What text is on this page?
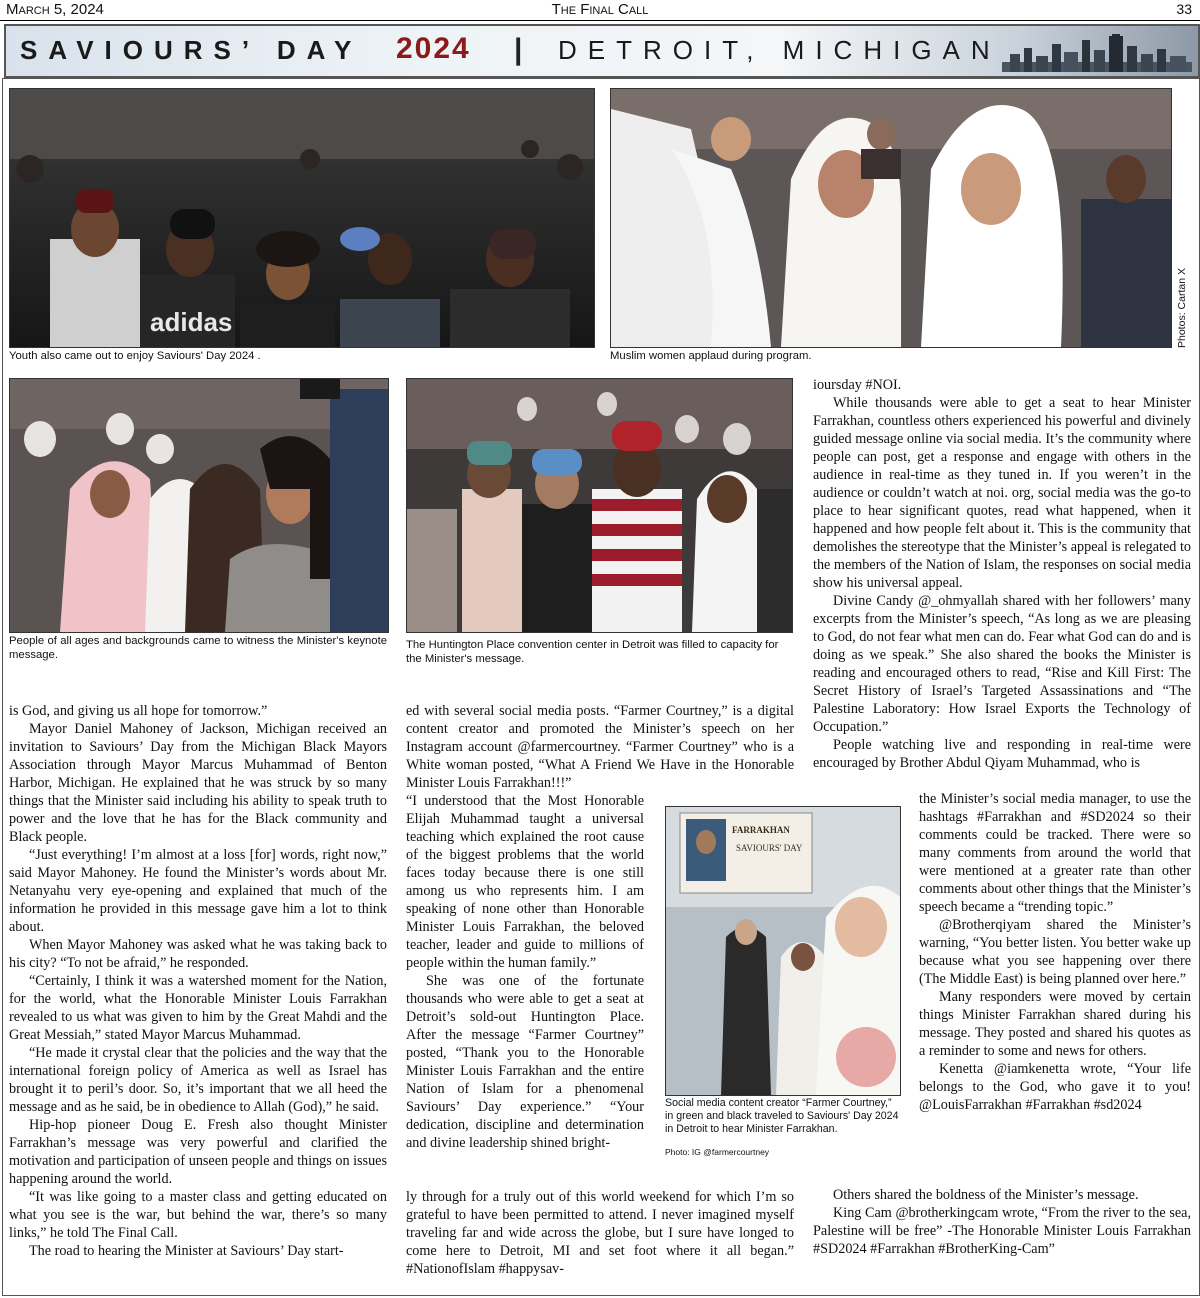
March 5, 2024	The Final Call	33
SAVIOURS’ DAY 2024 | DETROIT, MICHIGAN
adidas
Youth also came out to enjoy Saviours' Day 2024 .	Muslim women applaud during program.
Photos: Cartan X
People of all ages and backgrounds came to witness the Minister's keynote message.
The Huntington Place convention center in Detroit was filled to capacity for the Minister's message.
FARRAKHAN
SAVIOURS' DAY
Social media content creator “Farmer Courtney,” in green and black traveled to Saviours' Day 2024 in Detroit to hear Minister Farrakhan.
Photo: IG @farmercourtney

is God, and giving us all hope for tomorrow.”

Mayor Daniel Mahoney of Jackson, Michigan received an invitation to Saviours’ Day from the Michigan Black Mayors Association through Mayor Marcus Muhammad of Benton Harbor, Michigan. He explained that he was struck by so many things that the Minister said including his ability to speak truth to power and the love that he has for the Black community and Black people.

“Just everything! I’m almost at a loss [for] words, right now,” said Mayor Mahoney. He found the Minister’s words about Mr. Netanyahu very eye-opening and explained that much of the information he provided in this message gave him a lot to think about.

When Mayor Mahoney was asked what he was taking back to his city? “To not be afraid,” he responded.

“Certainly, I think it was a watershed moment for the Nation, for the world, what the Honorable Minister Louis Farrakhan revealed to us what was given to him by the Great Mahdi and the Great Messiah,” stated Mayor Marcus Muhammad.

“He made it crystal clear that the policies and the way that the international foreign policy of America as well as Israel has brought it to peril’s door. So, it’s important that we all heed the message and as he said, be in obedience to Allah (God),” he said.

Hip-hop pioneer Doug E. Fresh also thought Minister Farrakhan’s message was very powerful and clarified the motivation and participation of unseen people and things on issues happening around the world.

“It was like going to a master class and getting educated on what you see is the war, but behind the war, there’s so many links,” he told The Final Call.

The road to hearing the Minister at Saviours’ Day start-

ed with several social media posts. “Farmer Courtney,” is a digital content creator and promoted the Minister’s speech on her Instagram account @farmercourtney. “Farmer Courtney” who is a White woman posted, “What A Friend We Have in the Honorable Minister Louis Farrakhan!!!”

“I understood that the Most Honorable Elijah Muhammad taught a universal teaching which explained the root cause of the biggest problems that the world faces today because there is one still among us who represents him. I am speaking of none other than Honorable Minister Louis Farrakhan, the beloved teacher, leader and guide to millions of people within the human family.”

She was one of the fortunate thousands who were able to get a seat at Detroit’s sold-out Huntington Place. After the message “Farmer Courtney” posted, “Thank you to the Honorable Minister Louis Farrakhan and the entire Nation of Islam for a phenomenal Saviours’ Day experience.” “Your dedication, discipline and determination and divine leadership shined bright-

ly through for a truly out of this world weekend for which I’m so grateful to have been permitted to attend. I never imagined myself traveling far and wide across the globe, but I sure have longed to come here to Detroit, MI and set foot where it all began.” #NationofIslam #happysav-

ioursday #NOI.

While thousands were able to get a seat to hear Minister Farrakhan, countless others experienced his powerful and divinely guided message online via social media. It’s the community where people can post, get a response and engage with others in the audience in real-time as they tuned in. If you weren’t in the audience or couldn’t watch at noi. org, social media was the go-to place to hear significant quotes, read what happened, when it happened and how people felt about it. This is the community that demolishes the stereotype that the Minister’s appeal is relegated to the members of the Nation of Islam, the responses on social media show his universal appeal.

Divine Candy @_ohmyallah shared with her followers’ many excerpts from the Minister’s speech, “As long as we are pleasing to God, do not fear what men can do. Fear what God can do and is doing as we speak.” She also shared the books the Minister is reading and encouraged others to read, “Rise and Kill First: The Secret History of Israel’s Targeted Assassinations and “The Palestine Laboratory: How Israel Exports the Technology of Occupation.”

People watching live and responding in real-time were encouraged by Brother Abdul Qiyam Muhammad, who is

the Minister’s social media manager, to use the hashtags #Farrakhan and #SD2024 so their comments could be tracked. There were so many comments from around the world that were mentioned at a greater rate than other comments about other things that the Minister’s speech became a “trending topic.”

@Brotherqiyam shared the Minister’s warning, “You better listen. You better wake up because what you see happening over there (The Middle East) is being planned over here.”

Many responders were moved by certain things Minister Farrakhan shared during his message. They posted and shared his quotes as a reminder to some and news for others.

Kenetta @iamkenetta wrote, “Your life belongs to the God, who gave it to you! @LouisFarrakhan #Farrakhan #sd2024

Others shared the boldness of the Minister’s message.

King Cam @brotherkingcam wrote, “From the river to the sea, Palestine will be free” -The Honorable Minister Louis Farrakhan #SD2024 #Farrakhan #BrotherKing-Cam”
